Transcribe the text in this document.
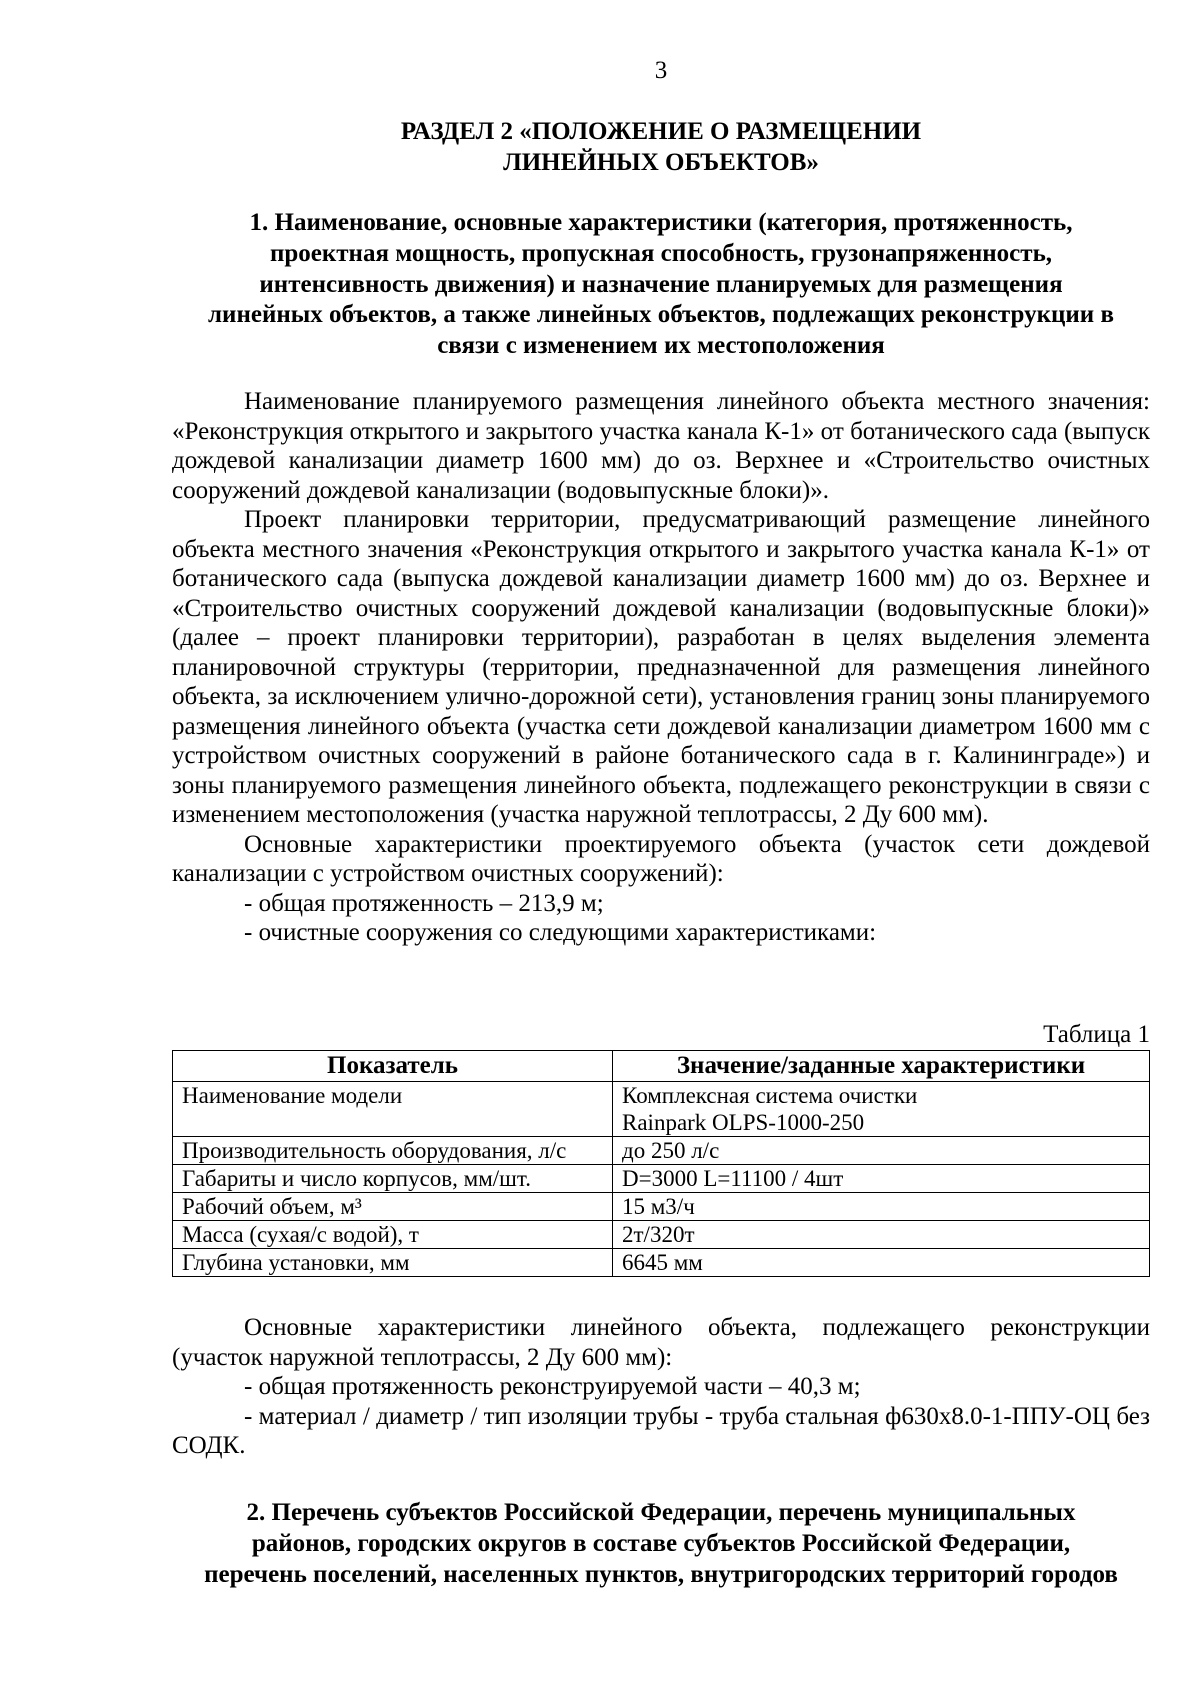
3
РАЗДЕЛ 2 «ПОЛОЖЕНИЕ О РАЗМЕЩЕНИИ
ЛИНЕЙНЫХ ОБЪЕКТОВ»
1. Наименование, основные характеристики (категория, протяженность,
проектная мощность, пропускная способность, грузонапряженность,
интенсивность движения) и назначение планируемых для размещения
линейных объектов, а также линейных объектов, подлежащих реконструкции в
связи с изменением их местоположения

Наименование планируемого размещения линейного объекта местного значения: «Реконструкция открытого и закрытого участка канала К-1» от ботанического сада (выпуск дождевой канализации диаметр 1600 мм) до оз. Верхнее и «Строительство очистных сооружений дождевой канализации (водовыпускные блоки)».

Проект планировки территории, предусматривающий размещение линейного объекта местного значения «Реконструкция открытого и закрытого участка канала К-1» от ботанического сада (выпуска дождевой канализации диаметр 1600 мм) до оз. Верхнее и «Строительство очистных сооружений дождевой канализации (водовыпускные блоки)» (далее – проект планировки территории), разработан в целях выделения элемента планировочной структуры (территории, предназначенной для размещения линейного объекта, за исключением улично-дорожной сети), установления границ зоны планируемого размещения линейного объекта (участка сети дождевой канализации диаметром 1600 мм с устройством очистных сооружений в районе ботанического сада в г. Калининграде») и зоны планируемого размещения линейного объекта, подлежащего реконструкции в связи с изменением местоположения (участка наружной теплотрассы, 2 Ду 600 мм).

Основные характеристики проектируемого объекта (участок сети дождевой канализации с устройством очистных сооружений):

- общая протяженность – 213,9 м;

- очистные сооружения со следующими характеристиками:

Таблица 1
Показатель	Значение/заданные характеристики
Наименование модели	Комплексная система очистки
Rainpark OLPS-1000-250

Производительность оборудования, л/с	до 250 л/с
Габариты и число корпусов, мм/шт.	D=3000 L=11100 / 4шт
Рабочий объем, м³	15 м3/ч
Масса (сухая/с водой), т	2т/320т
Глубина установки, мм	6645 мм

Основные характеристики линейного объекта, подлежащего реконструкции (участок наружной теплотрассы, 2 Ду 600 мм):

- общая протяженность реконструируемой части – 40,3 м;

- материал / диаметр / тип изоляции трубы - труба стальная ф630х8.0-1-ППУ-ОЦ без СОДК.

2. Перечень субъектов Российской Федерации, перечень муниципальных
районов, городских округов в составе субъектов Российской Федерации,
перечень поселений, населенных пунктов, внутригородских территорий городов
